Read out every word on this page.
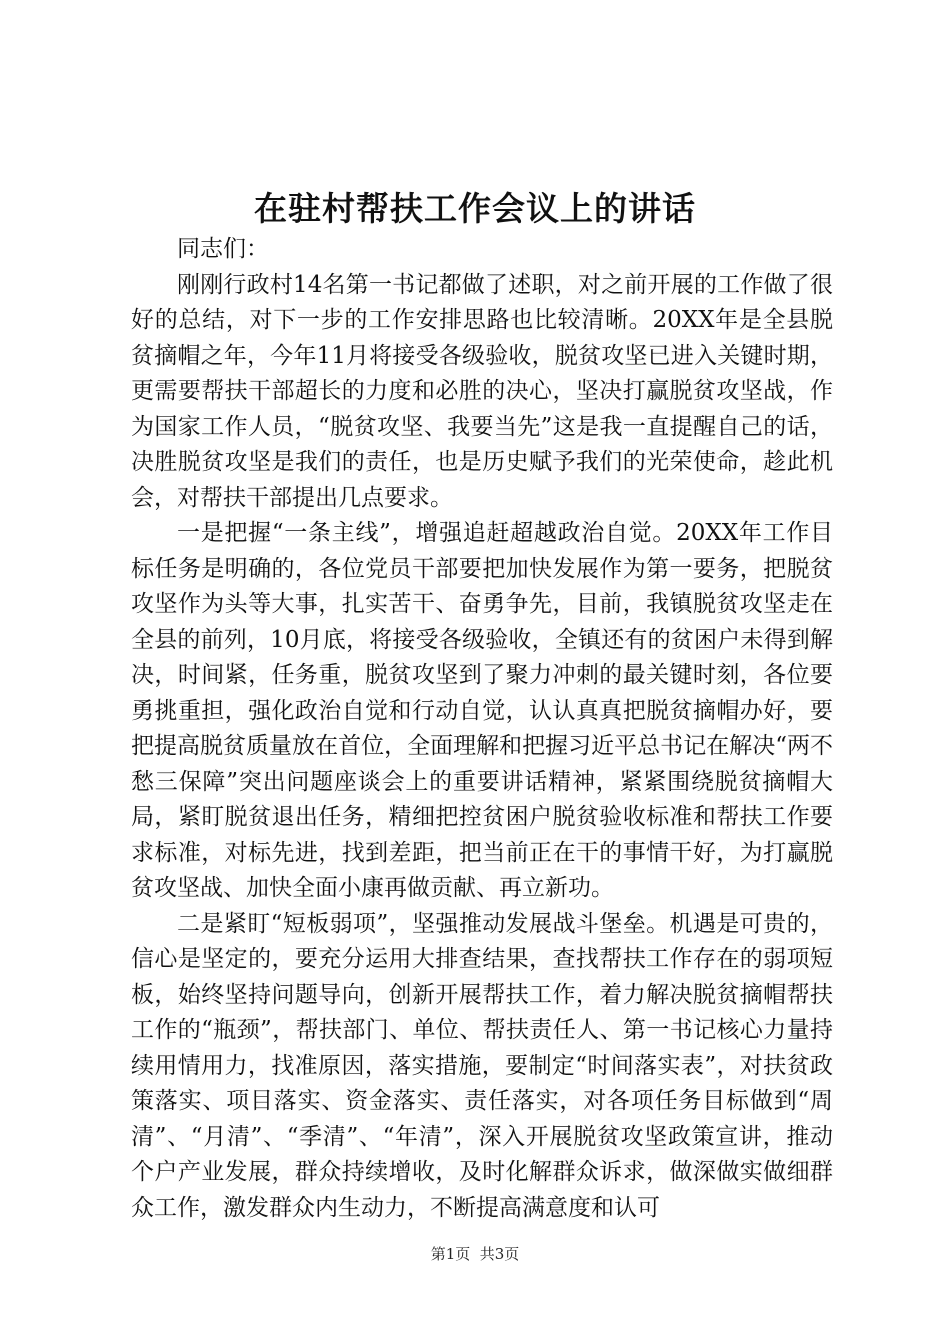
在驻村帮扶工作会议上的讲话

同志们：

刚刚行政村14名第一书记都做了述职，对之前开展的工作做了很好的总结，对下一步的工作安排思路也比较清晰。20XX年是全县脱贫摘帽之年，今年11月将接受各级验收，脱贫攻坚已进入关键时期，更需要帮扶干部超长的力度和必胜的决心，坚决打赢脱贫攻坚战，作为国家工作人员，“脱贫攻坚、我要当先”这是我一直提醒自己的话，决胜脱贫攻坚是我们的责任，也是历史赋予我们的光荣使命，趁此机会，对帮扶干部提出几点要求。

一是把握“一条主线”，增强追赶超越政治自觉。20XX年工作目标任务是明确的，各位党员干部要把加快发展作为第一要务，把脱贫攻坚作为头等大事，扎实苦干、奋勇争先，目前，我镇脱贫攻坚走在全县的前列，10月底，将接受各级验收，全镇还有的贫困户未得到解决，时间紧，任务重，脱贫攻坚到了聚力冲刺的最关键时刻，各位要勇挑重担，强化政治自觉和行动自觉，认认真真把脱贫摘帽办好，要把提高脱贫质量放在首位，全面理解和把握习近平总书记在解决“两不愁三保障”突出问题座谈会上的重要讲话精神，紧紧围绕脱贫摘帽大局，紧盯脱贫退出任务，精细把控贫困户脱贫验收标准和帮扶工作要求标准，对标先进，找到差距，把当前正在干的事情干好，为打赢脱贫攻坚战、加快全面小康再做贡献、再立新功。

二是紧盯“短板弱项”，坚强推动发展战斗堡垒。机遇是可贵的，信心是坚定的，要充分运用大排查结果，查找帮扶工作存在的弱项短板，始终坚持问题导向，创新开展帮扶工作，着力解决脱贫摘帽帮扶工作的“瓶颈”，帮扶部门、单位、帮扶责任人、第一书记核心力量持续用情用力，找准原因，落实措施，要制定“时间落实表”，对扶贫政策落实、项目落实、资金落实、责任落实，对各项任务目标做到“周清”、“月清”、“季清”、“年清”，深入开展脱贫攻坚政策宣讲，推动个户产业发展，群众持续增收，及时化解群众诉求，做深做实做细群众工作，激发群众内生动力，不断提高满意度和认可

第1页  共3页
